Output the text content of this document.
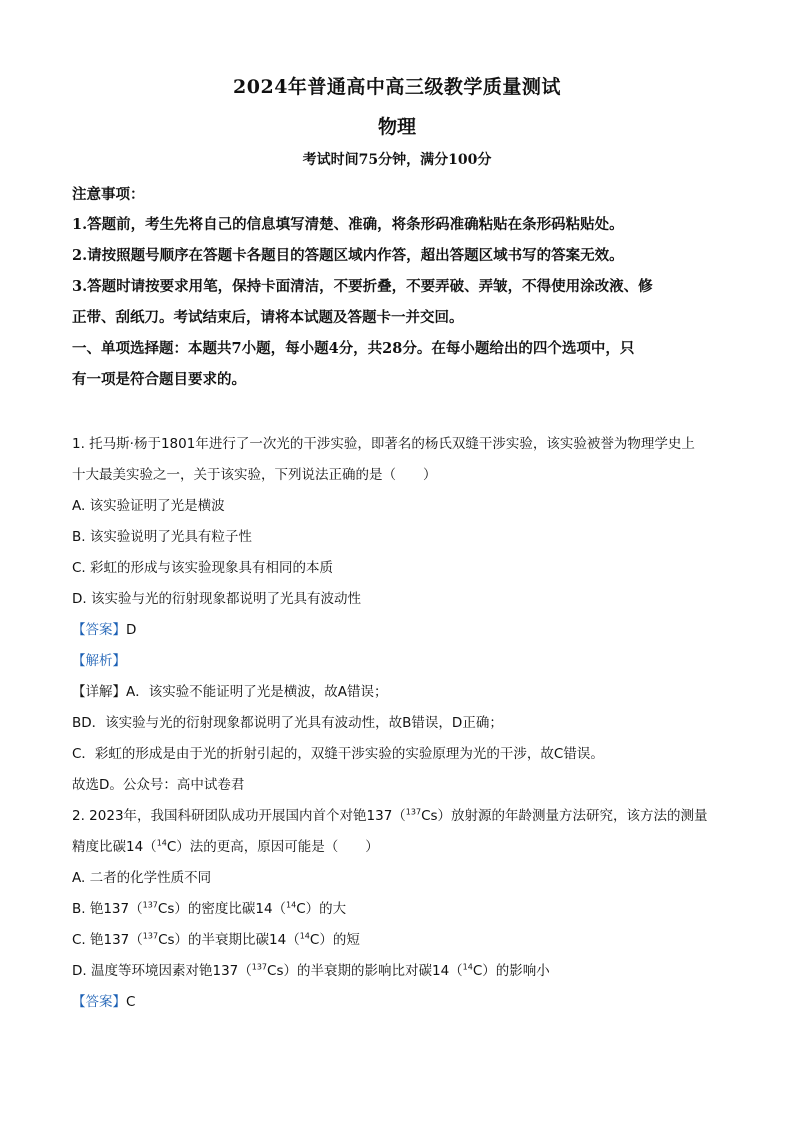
2024年普通高中高三级教学质量测试
物理
考试时间75分钟，满分100分
注意事项：
1.答题前，考生先将自己的信息填写清楚、准确，将条形码准确粘贴在条形码粘贴处。
2.请按照题号顺序在答题卡各题目的答题区域内作答，超出答题区域书写的答案无效。
3.答题时请按要求用笔，保持卡面清洁，不要折叠，不要弄破、弄皱，不得使用涂改液、修
正带、刮纸刀。考试结束后，请将本试题及答题卡一并交回。
一、单项选择题：本题共7小题，每小题4分，共28分。在每小题给出的四个选项中，只
有一项是符合题目要求的。
1. 托马斯·杨于1801年进行了一次光的干涉实验，即著名的杨氏双缝干涉实验，该实验被誉为物理学史上
十大最美实验之一，关于该实验，下列说法正确的是（　　）
A. 该实验证明了光是横波
B. 该实验说明了光具有粒子性
C. 彩虹的形成与该实验现象具有相同的本质
D. 该实验与光的衍射现象都说明了光具有波动性
【答案】D
【解析】
【详解】A．该实验不能证明了光是横波，故A错误；
BD．该实验与光的衍射现象都说明了光具有波动性，故B错误，D正确；
C．彩虹的形成是由于光的折射引起的，双缝干涉实验的实验原理为光的干涉，故C错误。
故选D。公众号：高中试卷君
2. 2023年，我国科研团队成功开展国内首个对铯137（$^{137}$Cs）放射源的年龄测量方法研究，该方法的测量
精度比碳14（$^{14}$C）法的更高，原因可能是（　　）
A. 二者的化学性质不同
B. 铯137（$^{137}$Cs）的密度比碳14（$^{14}$C）的大
C. 铯137（$^{137}$Cs）的半衰期比碳14（$^{14}$C）的短
D. 温度等环境因素对铯137（$^{137}$Cs）的半衰期的影响比对碳14（$^{14}$C）的影响小
【答案】C
